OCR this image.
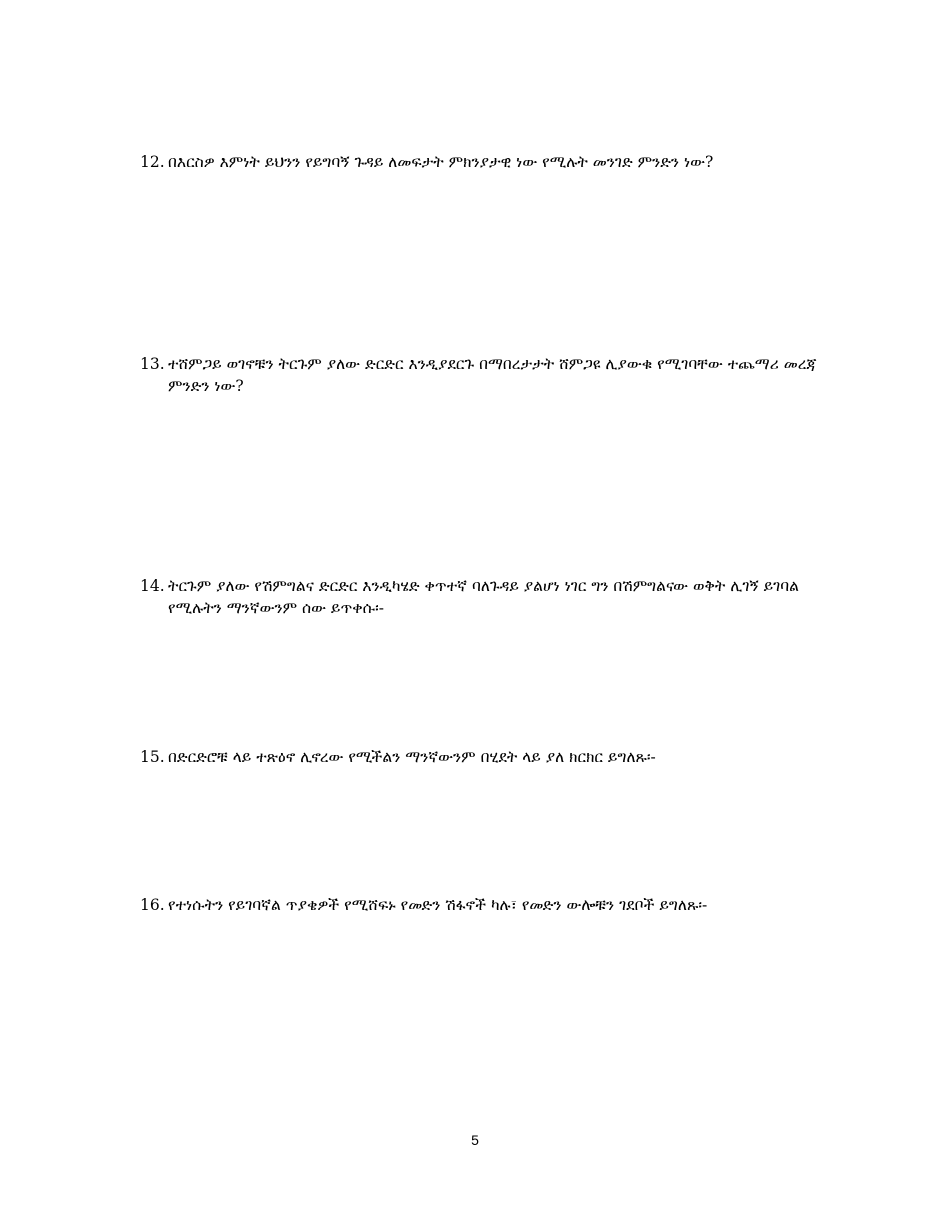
12. በእርስዎ እምነት ይህንን የይግባኝ ጉዳይ ለመፍታት ምክንያታዊ ነው የሚሉት መንገድ ምንድን ነው?
13. ተሸምጋይ ወገኖቹን ትርጉም ያለው ድርድር እንዲያደርጉ በማበረታታት ሸምጋዩ ሊያውቁ የሚገባቸው ተጨማሪ መረጃ ምንድን ነው?
14. ትርጉም ያለው የሽምግልና ድርድር እንዲካሄድ ቀጥተኛ ባለጉዳይ ያልሆነ ነገር ግን በሽምግልናው ወቅት ሊገኝ ይገባል የሚሉትን ማንኛውንም ሰው ይጥቀሱ፡-
15. በድርድሮቹ ላይ ተጽዕኖ ሊኖረው የሚችልን ማንኛውንም በሂደት ላይ ያለ ክርክር ይግለጹ፡-
16. የተነሱትን የይገባኛል ጥያቄዎች የሚሸፍኑ የመድን ሽፋኖች ካሉ፣ የመድን ውሎቹን ገደቦች ይግለጹ፡-
5
